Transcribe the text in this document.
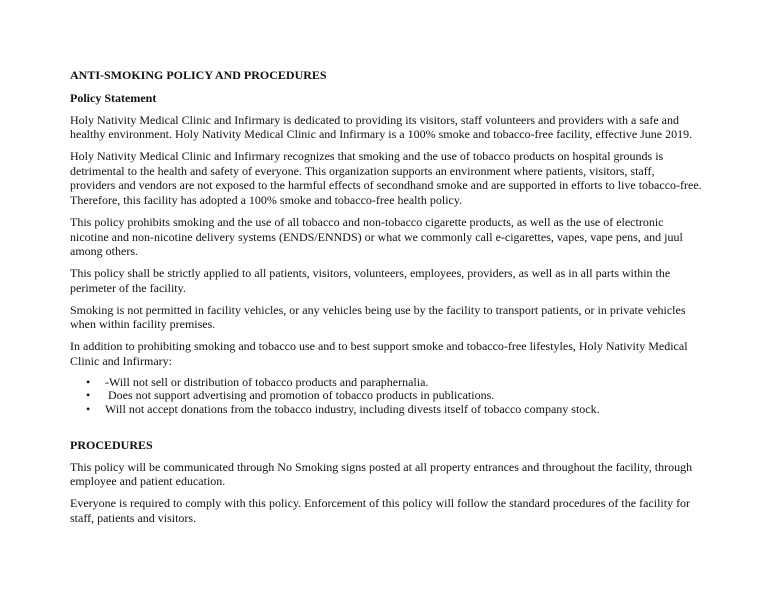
ANTI-SMOKING POLICY AND PROCEDURES
Policy Statement

Holy Nativity Medical Clinic and Infirmary is dedicated to providing its visitors, staff volunteers and providers with a safe and healthy environment. Holy Nativity Medical Clinic and Infirmary is a 100% smoke and tobacco-free facility, effective June 2019.

Holy Nativity Medical Clinic and Infirmary recognizes that smoking and the use of tobacco products on hospital grounds is detrimental to the health and safety of everyone. This organization supports an environment where patients, visitors, staff, providers and vendors are not exposed to the harmful effects of secondhand smoke and are supported in efforts to live tobacco-free. Therefore, this facility has adopted a 100% smoke and tobacco-free health policy.

This policy prohibits smoking and the use of all tobacco and non-tobacco cigarette products, as well as the use of electronic nicotine and non-nicotine delivery systems (ENDS/ENNDS) or what we commonly call e-cigarettes, vapes, vape pens, and juul among others.

This policy shall be strictly applied to all patients, visitors, volunteers, employees, providers, as well as in all parts within the perimeter of the facility.

Smoking is not permitted in facility vehicles, or any vehicles being use by the facility to transport patients, or in private vehicles when within facility premises.

In addition to prohibiting smoking and tobacco use and to best support smoke and tobacco-free lifestyles, Holy Nativity Medical Clinic and Infirmary:

• -Will not sell or distribution of tobacco products and paraphernalia.
• Does not support advertising and promotion of tobacco products in publications.
• Will not accept donations from the tobacco industry, including divests itself of tobacco company stock.
PROCEDURES

This policy will be communicated through No Smoking signs posted at all property entrances and throughout the facility, through employee and patient education.

Everyone is required to comply with this policy. Enforcement of this policy will follow the standard procedures of the facility for staff, patients and visitors.
